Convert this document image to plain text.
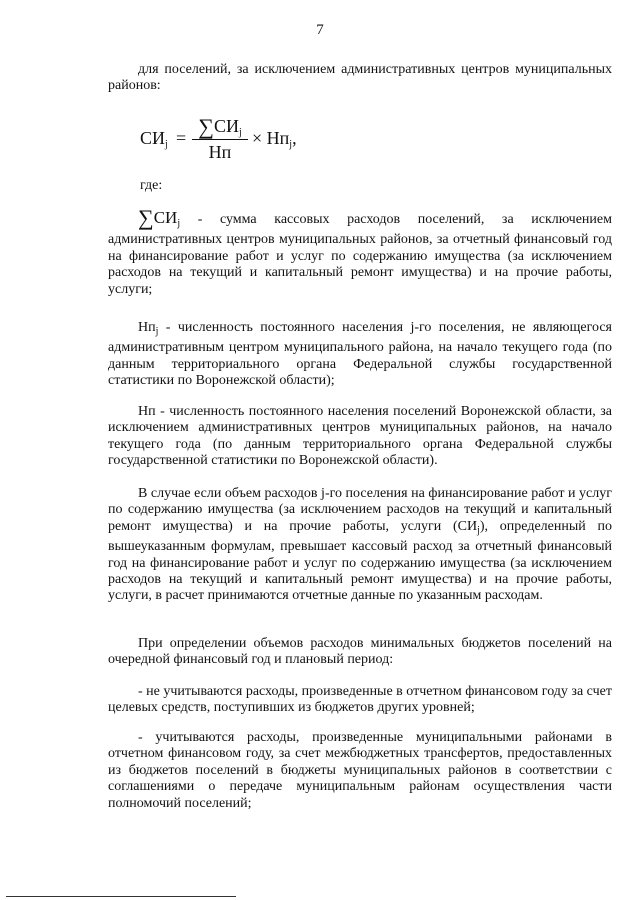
7

для поселений, за исключением административных центров муниципальных районов:

$СИ_j = \sum СИ_j$
Нп
× $Нп_j$,
где:

$\sum СИ_j$ - сумма кассовых расходов поселений, за исключением административных центров муниципальных районов, за отчетный финансовый год на финансирование работ и услуг по содержанию имущества (за исключением расходов на текущий и капитальный ремонт имущества) и на прочие работы, услуги;

$Нп_j$ - численность постоянного населения j-го поселения, не являющегося административным центром муниципального района, на начало текущего года (по данным территориального органа Федеральной службы государственной статистики по Воронежской области);

Нп - численность постоянного населения поселений Воронежской области, за исключением административных центров муниципальных районов, на начало текущего года (по данным территориального органа Федеральной службы государственной статистики по Воронежской области).

В случае если объем расходов j-го поселения на финансирование работ и услуг по содержанию имущества (за исключением расходов на текущий и капитальный ремонт имущества) и на прочие работы, услуги $(СИ_j)$, определенный по вышеуказанным формулам, превышает кассовый расход за отчетный финансовый год на финансирование работ и услуг по содержанию имущества (за исключением расходов на текущий и капитальный ремонт имущества) и на прочие работы, услуги, в расчет принимаются отчетные данные по указанным расходам.

При определении объемов расходов минимальных бюджетов поселений на очередной финансовый год и плановый период:

- не учитываются расходы, произведенные в отчетном финансовом году за счет целевых средств, поступивших из бюджетов других уровней;

- учитываются расходы, произведенные муниципальными районами в отчетном финансовом году, за счет межбюджетных трансфертов, предоставленных из бюджетов поселений в бюджеты муниципальных районов в соответствии с соглашениями о передаче муниципальным районам осуществления части полномочий поселений;
